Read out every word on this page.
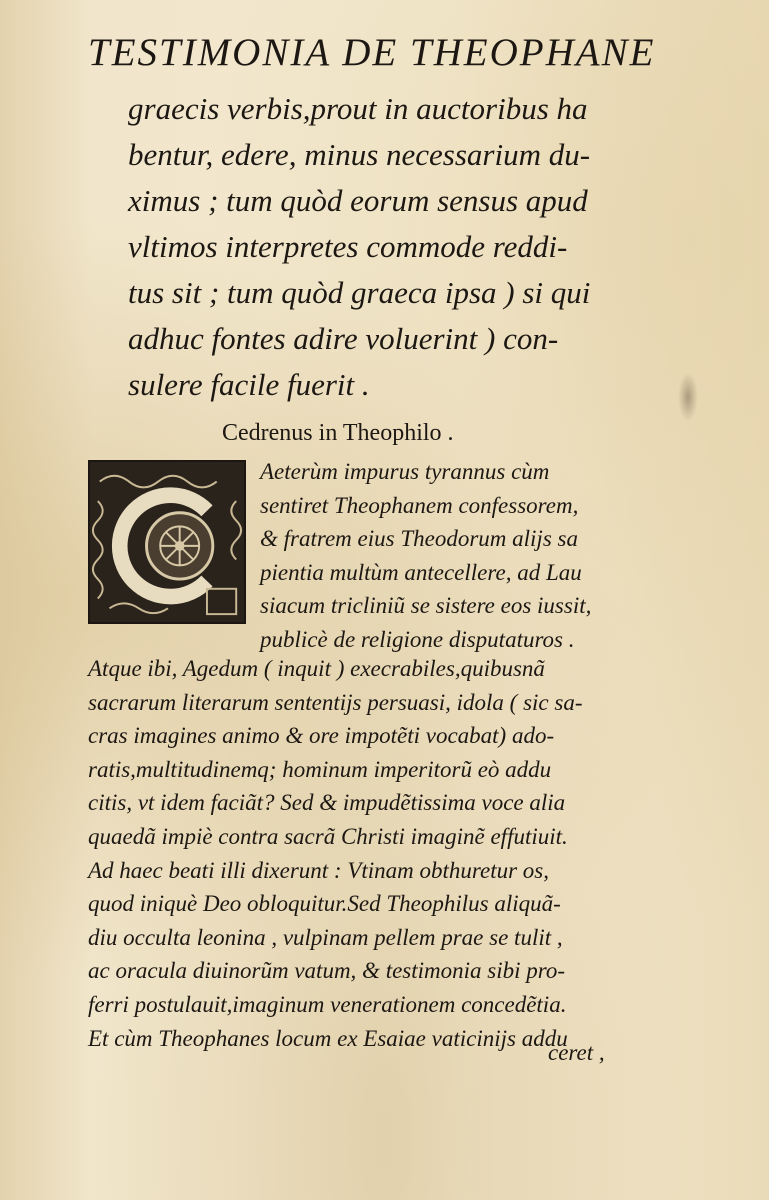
TESTIMONIA DE THEOPHANE
graecis verbis,prout in auctoribus ha
bentur, edere, minus necessarium du-
ximus ; tum quòd eorum sensus apud
vltimos interpretes commode reddi-
tus sit ; tum quòd graeca ipsa ) si qui
adhuc fontes adire voluerint ) con-
sulere facile fuerit .
Cedrenus in Theophilo .
Aeterùm impurus tyrannus cùm
sentiret Theophanem confessorem,
& fratrem eius Theodorum alijs sa
pientia multùm antecellere, ad Lau
siacum tricliniũ se sistere eos iussit,
publicè de religione disputaturos .
Atque ibi, Agedum ( inquit ) execrabiles,quibusnã
sacrarum literarum sententijs persuasi, idola ( sic sa-
cras imagines animo & ore impotẽti vocabat) ado-
ratis,multitudinemq; hominum imperitorũ eò addu
citis, vt idem faciãt? Sed & impudẽtissima voce alia
quaedã impiè contra sacrã Christi imaginẽ effutiuit.
Ad haec beati illi dixerunt : Vtinam obthuretur os,
quod iniquè Deo obloquitur.Sed Theophilus aliquã-
diu occulta leonina , vulpinam pellem prae se tulit ,
ac oracula diuinorũm vatum, & testimonia sibi pro-
ferri postulauit,imaginum venerationem concedẽtia.
Et cùm Theophanes locum ex Esaiae vaticinijs addu
ceret ,
